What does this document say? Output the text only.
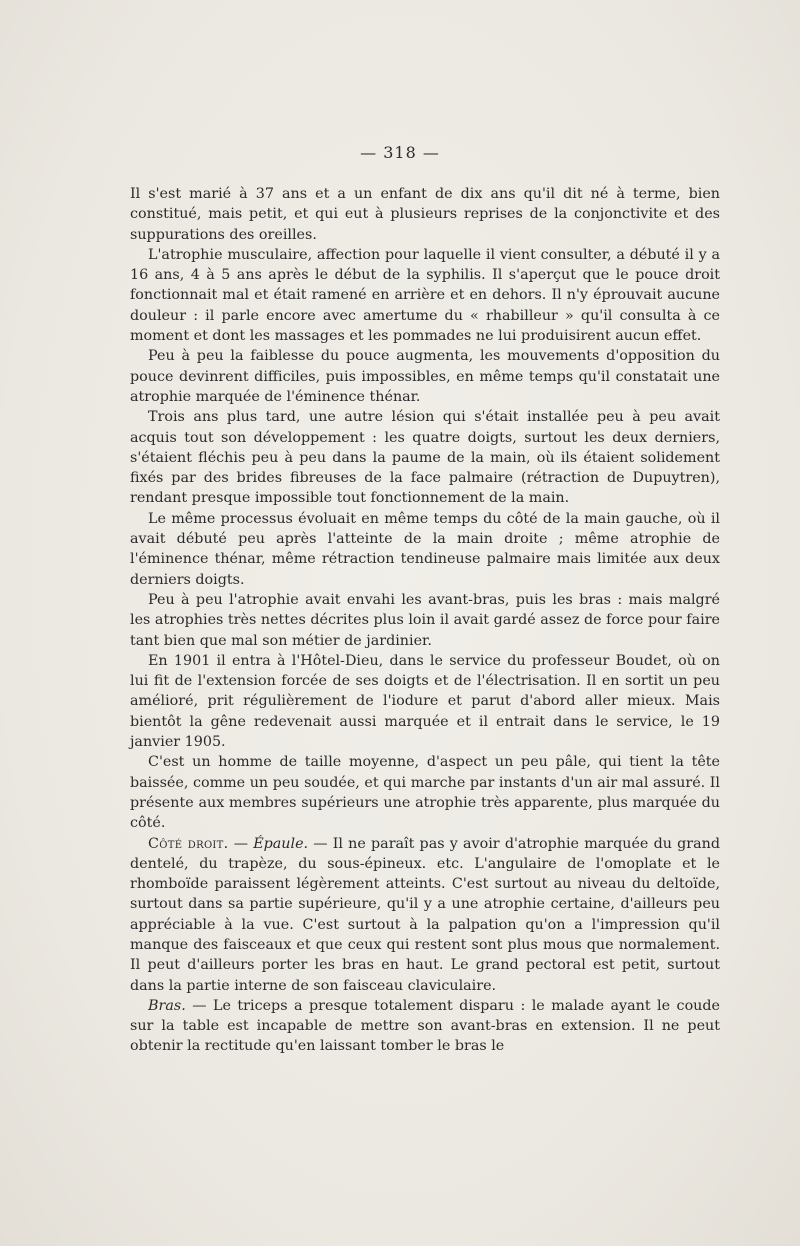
— 318 —

Il s'est marié à 37 ans et a un enfant de dix ans qu'il dit né à terme, bien constitué, mais petit, et qui eut à plusieurs reprises de la conjonctivite et des suppurations des oreilles.

L'atrophie musculaire, affection pour laquelle il vient consulter, a débuté il y a 16 ans, 4 à 5 ans après le début de la syphilis. Il s'aperçut que le pouce droit fonctionnait mal et était ramené en arrière et en dehors. Il n'y éprouvait aucune douleur : il parle encore avec amertume du « rhabilleur » qu'il consulta à ce moment et dont les massages et les pommades ne lui produisirent aucun effet.

Peu à peu la faiblesse du pouce augmenta, les mouvements d'opposition du pouce devinrent difficiles, puis impossibles, en même temps qu'il constatait une atrophie marquée de l'éminence thénar.

Trois ans plus tard, une autre lésion qui s'était installée peu à peu avait acquis tout son développement : les quatre doigts, surtout les deux derniers, s'étaient fléchis peu à peu dans la paume de la main, où ils étaient solidement fixés par des brides fibreuses de la face palmaire (rétraction de Dupuytren), rendant presque impossible tout fonctionnement de la main.

Le même processus évoluait en même temps du côté de la main gauche, où il avait débuté peu après l'atteinte de la main droite ; même atrophie de l'éminence thénar, même rétraction tendineuse palmaire mais limitée aux deux derniers doigts.

Peu à peu l'atrophie avait envahi les avant-bras, puis les bras : mais malgré les atrophies très nettes décrites plus loin il avait gardé assez de force pour faire tant bien que mal son métier de jardinier.

En 1901 il entra à l'Hôtel-Dieu, dans le service du professeur Boudet, où on lui fit de l'extension forcée de ses doigts et de l'électrisation. Il en sortit un peu amélioré, prit régulièrement de l'iodure et parut d'abord aller mieux. Mais bientôt la gêne redevenait aussi marquée et il entrait dans le service, le 19 janvier 1905.

C'est un homme de taille moyenne, d'aspect un peu pâle, qui tient la tête baissée, comme un peu soudée, et qui marche par instants d'un air mal assuré. Il présente aux membres supérieurs une atrophie très apparente, plus marquée du côté.

Côté droit. — Épaule. — Il ne paraît pas y avoir d'atrophie marquée du grand dentelé, du trapèze, du sous-épineux. etc. L'angulaire de l'omoplate et le rhomboïde paraissent légèrement atteints. C'est surtout au niveau du deltoïde, surtout dans sa partie supérieure, qu'il y a une atrophie certaine, d'ailleurs peu appréciable à la vue. C'est surtout à la palpation qu'on a l'impression qu'il manque des faisceaux et que ceux qui restent sont plus mous que normalement. Il peut d'ailleurs porter les bras en haut. Le grand pectoral est petit, surtout dans la partie interne de son faisceau claviculaire.

Bras. — Le triceps a presque totalement disparu : le malade ayant le coude sur la table est incapable de mettre son avant-bras en extension. Il ne peut obtenir la rectitude qu'en laissant tomber le bras le
